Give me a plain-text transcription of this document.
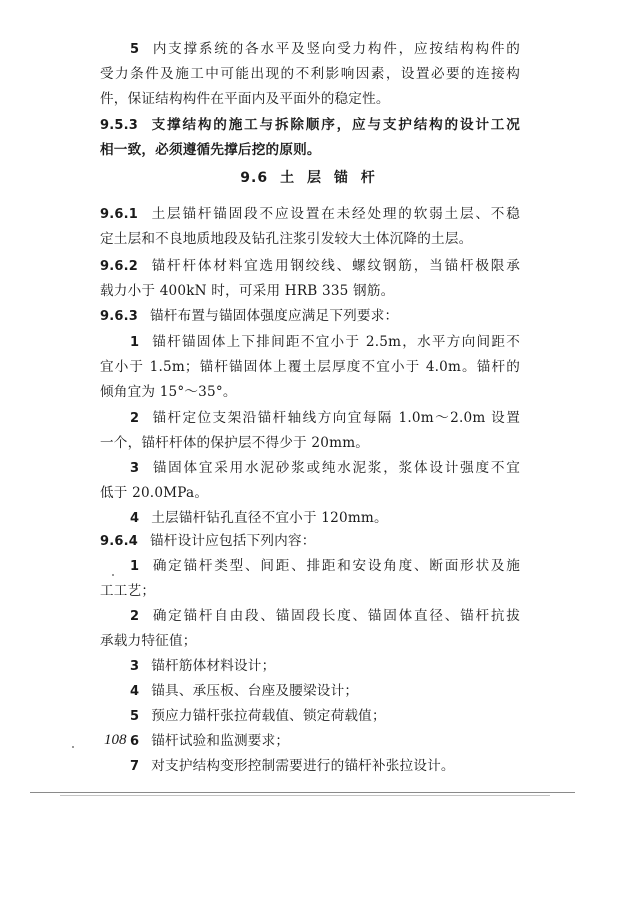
5 内支撑系统的各水平及竖向受力构件，应按结构构件的
受力条件及施工中可能出现的不利影响因素，设置必要的连接构
件，保证结构构件在平面内及平面外的稳定性。
9.5.3 支撑结构的施工与拆除顺序，应与支护结构的设计工况
相一致，必须遵循先撑后挖的原则。
9.6.1 土层锚杆锚固段不应设置在未经处理的软弱土层、不稳
定土层和不良地质地段及钻孔注浆引发较大土体沉降的土层。
9.6.2 锚杆杆体材料宜选用钢绞线、螺纹钢筋，当锚杆极限承
载力小于 400kN 时，可采用 HRB 335 钢筋。
9.6.3 锚杆布置与锚固体强度应满足下列要求：
1 锚杆锚固体上下排间距不宜小于 2.5m，水平方向间距不
宜小于 1.5m；锚杆锚固体上覆土层厚度不宜小于 4.0m。锚杆的
倾角宜为 15°～35°。
2 锚杆定位支架沿锚杆轴线方向宜每隔 1.0m～2.0m 设置
一个，锚杆杆体的保护层不得少于 20mm。
3 锚固体宜采用水泥砂浆或纯水泥浆，浆体设计强度不宜
低于 20.0MPa。
4 土层锚杆钻孔直径不宜小于 120mm。
9.6.4 锚杆设计应包括下列内容：
1 确定锚杆类型、间距、排距和安设角度、断面形状及施
工工艺；
2 确定锚杆自由段、锚固段长度、锚固体直径、锚杆抗拔
承载力特征值；
3 锚杆筋体材料设计；
4 锚具、承压板、台座及腰梁设计；
5 预应力锚杆张拉荷载值、锁定荷载值；
6 锚杆试验和监测要求；
7 对支护结构变形控制需要进行的锚杆补张拉设计。
9.6 土 层 锚 杆
108
